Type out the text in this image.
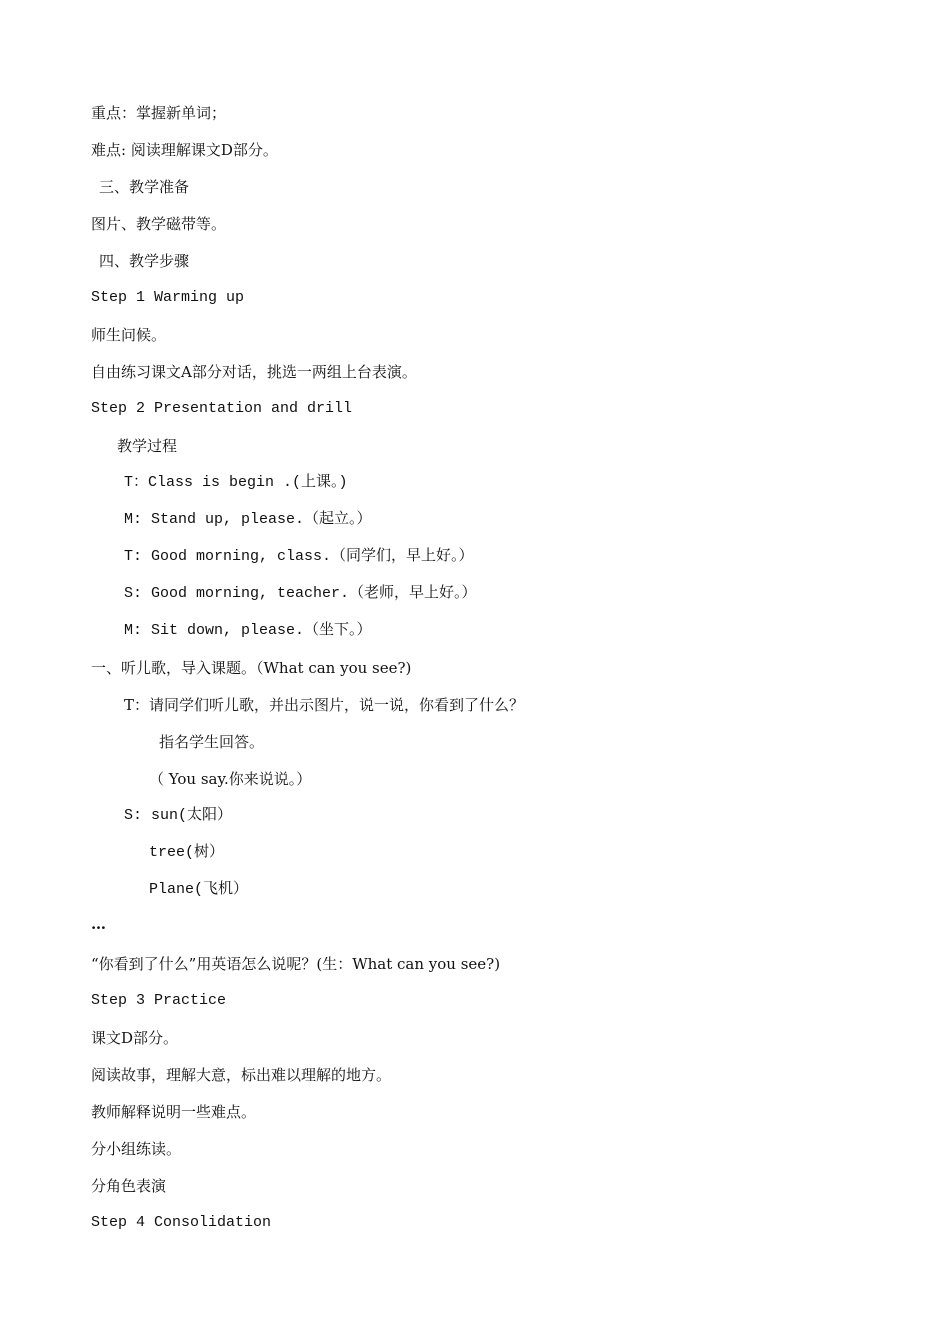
重点：掌握新单词；
难点: 阅读理解课文D部分。
三、教学准备
图片、教学磁带等。
四、教学步骤
Step 1 Warming up
师生问候。
自由练习课文A部分对话，挑选一两组上台表演。
Step 2 Presentation and drill
教学过程
T：Class is begin .(上课。)
M: Stand up, please.（起立。）
T: Good morning, class.（同学们，早上好。）
S: Good morning, teacher.（老师，早上好。）
M: Sit down, please.（坐下。）
一、听儿歌，导入课题。（What can you see?)
T：请同学们听儿歌，并出示图片，说一说，你看到了什么？
指名学生回答。
（ You say.你来说说。）
S: sun(太阳）
tree(树）
Plane(飞机）
…
“你看到了什么”用英语怎么说呢？(生：What can you see?)
Step 3 Practice
课文D部分。
阅读故事，理解大意，标出难以理解的地方。
教师解释说明一些难点。
分小组练读。
分角色表演
Step 4 Consolidation
